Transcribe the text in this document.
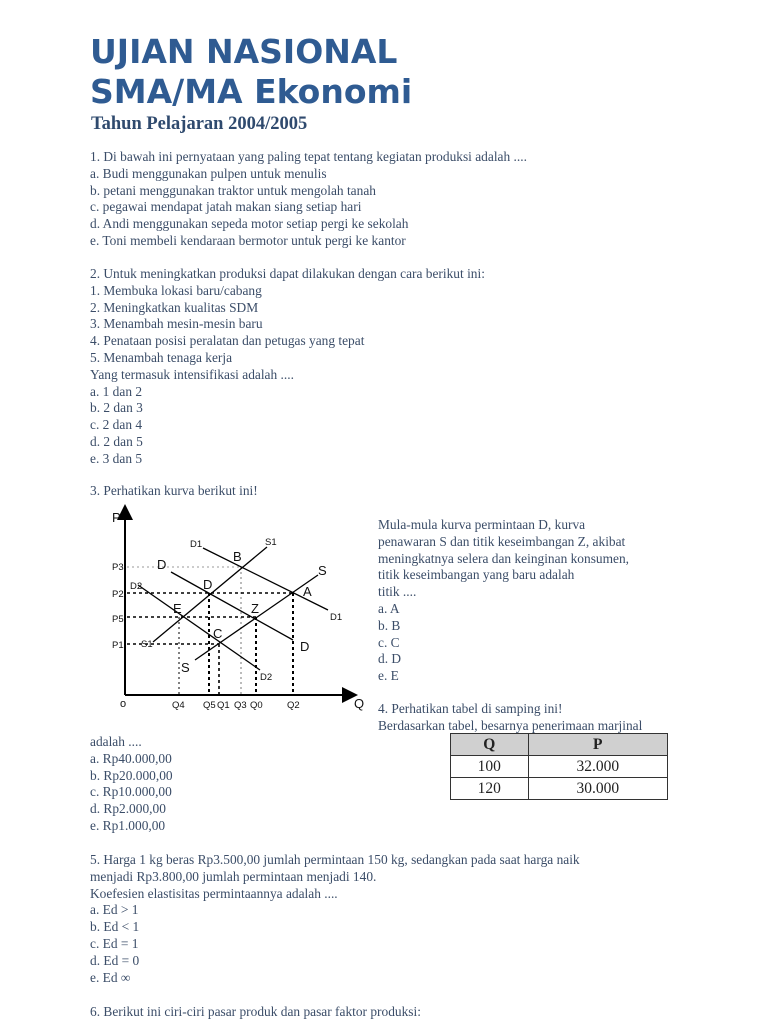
UJIAN NASIONAL
SMA/MA Ekonomi
Tahun Pelajaran 2004/2005
1. Di bawah ini pernyataan yang paling tepat tentang kegiatan produksi adalah ....
a. Budi menggunakan pulpen untuk menulis
b. petani menggunakan traktor untuk mengolah tanah
c. pegawai mendapat jatah makan siang setiap hari
d. Andi menggunakan sepeda motor setiap pergi ke sekolah
e. Toni membeli kendaraan bermotor untuk pergi ke kantor
2. Untuk meningkatkan produksi dapat dilakukan dengan cara berikut ini:
1. Membuka lokasi baru/cabang
2. Meningkatkan kualitas SDM
3. Menambah mesin-mesin baru
4. Penataan posisi peralatan dan petugas yang tepat
5. Menambah tenaga kerja
Yang termasuk intensifikasi adalah ....
a. 1 dan 2
b. 2 dan 3
c. 2 dan 4
d. 2 dan 5
e. 3 dan 5
3. Perhatikan kurva berikut ini!
Mula-mula kurva permintaan D, kurva
penawaran S dan titik keseimbangan Z, akibat
meningkatnya selera dan keinginan konsumen,
titik keseimbangan yang baru adalah
titik ....
a. A
b. B
c. C
d. D
e. E
4. Perhatikan tabel di samping ini!
Berdasarkan tabel, besarnya penerimaan marjinal
adalah ....
a. Rp40.000,00
b. Rp20.000,00
c. Rp10.000,00
d. Rp2.000,00
e. Rp1.000,00
5. Harga 1 kg beras Rp3.500,00 jumlah permintaan 150 kg, sedangkan pada saat harga naik
menjadi Rp3.800,00 jumlah permintaan menjadi 140.
Koefesien elastisitas permintaannya adalah ....
a. Ed > 1
b. Ed < 1
c. Ed = 1
d. Ed = 0
e. Ed ∞
6. Berikut ini ciri-ciri pasar produk dan pasar faktor produksi:
Q	P
100	32.000
120	30.000
P
Q
o
P3
P2
P5
P1
Q4 Q5 Q1 Q3 Q0	Q2
D1	S1
D1
D2
D2
S1
S
S
D
D
B
A
D
E	Z
C
